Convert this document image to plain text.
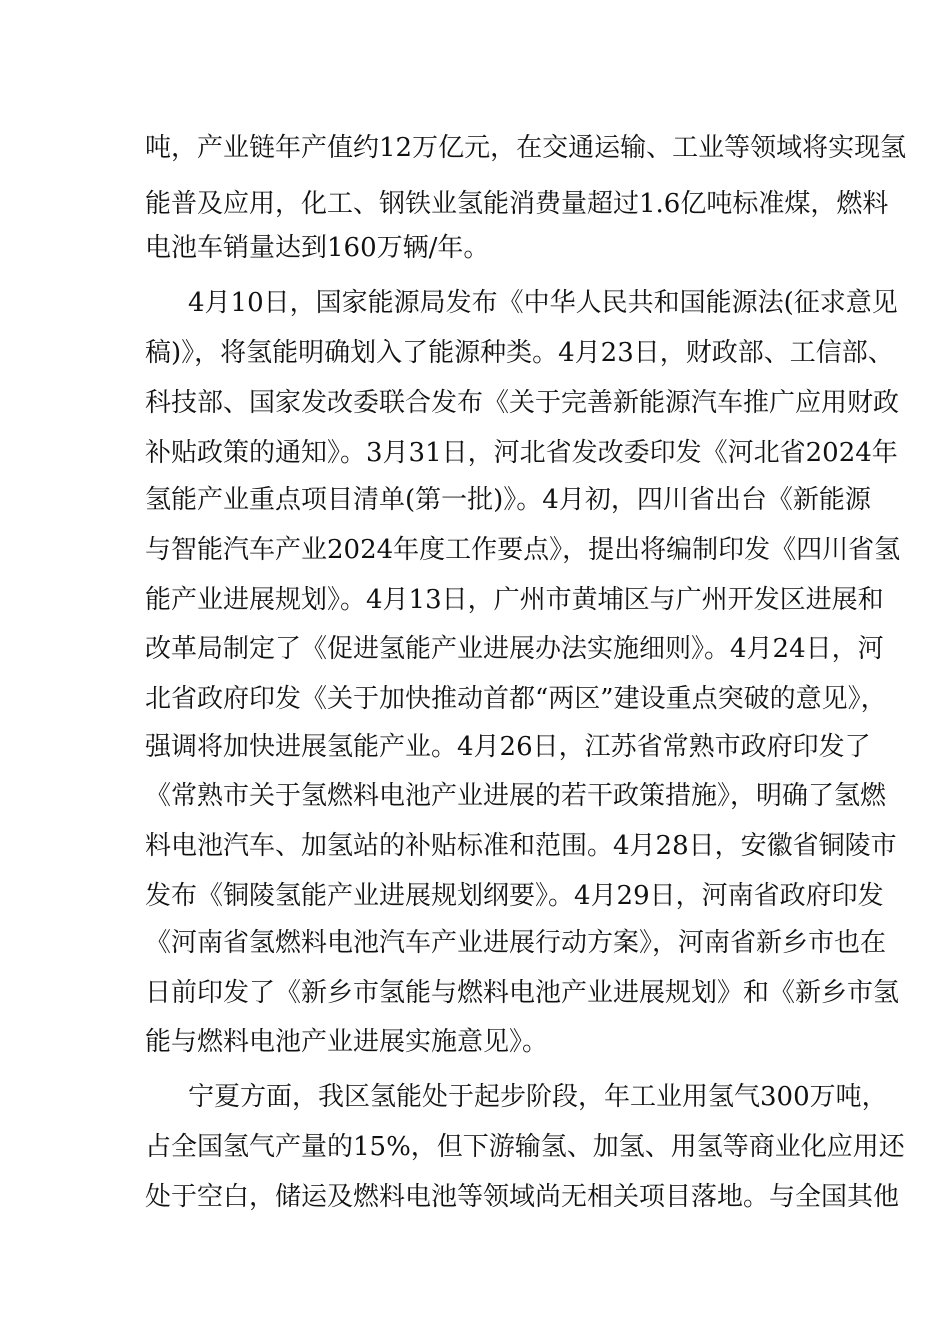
吨，产业链年产值约12万亿元，在交通运输、工业等领域将实现氢
能普及应用，化工、钢铁业氢能消费量超过1.6亿吨标准煤，燃料
电池车销量达到160万辆/年。
4月10日，国家能源局发布《中华人民共和国能源法(征求意见
稿)》，将氢能明确划入了能源种类。4月23日，财政部、工信部、
科技部、国家发改委联合发布《关于完善新能源汽车推广应用财政
补贴政策的通知》。3月31日，河北省发改委印发《河北省2024年
氢能产业重点项目清单(第一批)》。4月初，四川省出台《新能源
与智能汽车产业2024年度工作要点》，提出将编制印发《四川省氢
能产业进展规划》。4月13日，广州市黄埔区与广州开发区进展和
改革局制定了《促进氢能产业进展办法实施细则》。4月24日，河
北省政府印发《关于加快推动首都“两区”建设重点突破的意见》，
强调将加快进展氢能产业。4月26日，江苏省常熟市政府印发了
《常熟市关于氢燃料电池产业进展的若干政策措施》，明确了氢燃
料电池汽车、加氢站的补贴标准和范围。4月28日，安徽省铜陵市
发布《铜陵氢能产业进展规划纲要》。4月29日，河南省政府印发
《河南省氢燃料电池汽车产业进展行动方案》，河南省新乡市也在
日前印发了《新乡市氢能与燃料电池产业进展规划》和《新乡市氢
能与燃料电池产业进展实施意见》。
宁夏方面，我区氢能处于起步阶段，年工业用氢气300万吨，
占全国氢气产量的15%，但下游输氢、加氢、用氢等商业化应用还
处于空白，储运及燃料电池等领域尚无相关项目落地。与全国其他
